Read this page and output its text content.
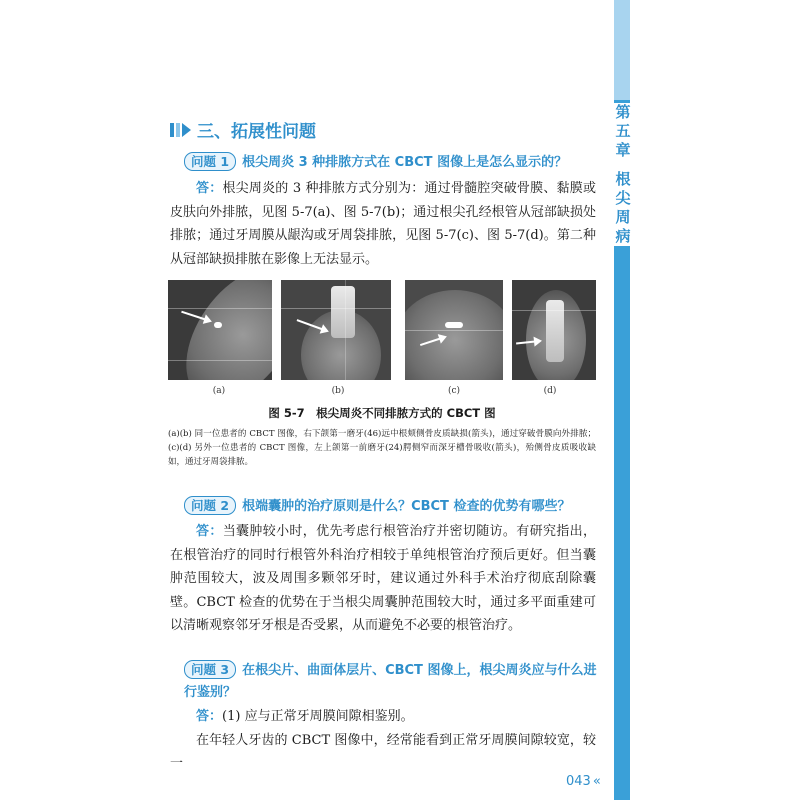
第
五
章
根
尖
周
病
三、拓展性问题
问题 1 根尖周炎 3 种排脓方式在 CBCT 图像上是怎么显示的？

答：根尖周炎的 3 种排脓方式分别为：通过骨髓腔突破骨膜、黏膜或皮肤向外排脓，见图 5-7(a)、图 5-7(b)；通过根尖孔经根管从冠部缺损处排脓；通过牙周膜从龈沟或牙周袋排脓，见图 5-7(c)、图 5-7(d)。第二种从冠部缺损排脓在影像上无法显示。

(a)	(b)	(c)	(d)
图 5-7　根尖周炎不同排脓方式的 CBCT 图
(a)(b) 同一位患者的 CBCT 图像，右下颌第一磨牙(46)远中根颊侧骨皮质缺损(箭头)，通过穿破骨膜向外排脓；(c)(d) 另外一位患者的 CBCT 图像，左上颌第一前磨牙(24)腭侧窄而深牙槽骨吸收(箭头)，殆侧骨皮质吸收缺如，通过牙周袋排脓。
问题 2 根端囊肿的治疗原则是什么？CBCT 检查的优势有哪些？

答：当囊肿较小时，优先考虑行根管治疗并密切随访。有研究指出，在根管治疗的同时行根管外科治疗相较于单纯根管治疗预后更好。但当囊肿范围较大，波及周围多颗邻牙时，建议通过外科手术治疗彻底刮除囊壁。CBCT 检查的优势在于当根尖周囊肿范围较大时，通过多平面重建可以清晰观察邻牙牙根是否受累，从而避免不必要的根管治疗。

问题 3 在根尖片、曲面体层片、CBCT 图像上，根尖周炎应与什么进行鉴别？

答：(1) 应与正常牙周膜间隙相鉴别。

在年轻人牙齿的 CBCT 图像中，经常能看到正常牙周膜间隙较宽，较一

043 «
